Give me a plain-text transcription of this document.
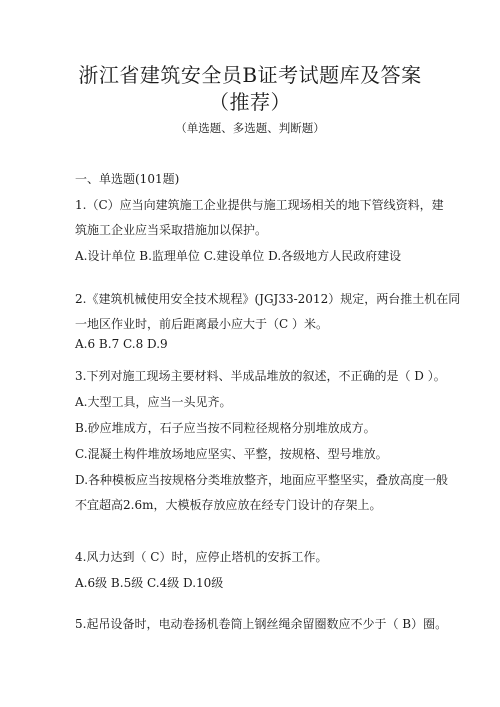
浙江省建筑安全员B证考试题库及答案（推荐）
（单选题、多选题、判断题）
一、单选题(101题)
1.（C）应当向建筑施工企业提供与施工现场相关的地下管线资料，建
筑施工企业应当采取措施加以保护。
A.设计单位 B.监理单位 C.建设单位 D.各级地方人民政府建设
2.《建筑机械使用安全技术规程》(JGJ33-2012）规定，两台推土机在同
一地区作业时，前后距离最小应大于（C ）米。
A.6 B.7 C.8 D.9
3.下列对施工现场主要材料、半成品堆放的叙述，不正确的是（ D ）。
A.大型工具，应当一头见齐。
B.砂应堆成方，石子应当按不同粒径规格分别堆放成方。
C.混凝土构件堆放场地应坚实、平整，按规格、型号堆放。
D.各种模板应当按规格分类堆放整齐，地面应平整坚实，叠放高度一般
不宜超高2.6m，大模板存放应放在经专门设计的存架上。
4.风力达到（ C）时，应停止塔机的安拆工作。
A.6级 B.5级 C.4级 D.10级
5.起吊设备时，电动卷扬机卷筒上钢丝绳余留圈数应不少于（ B）圈。
